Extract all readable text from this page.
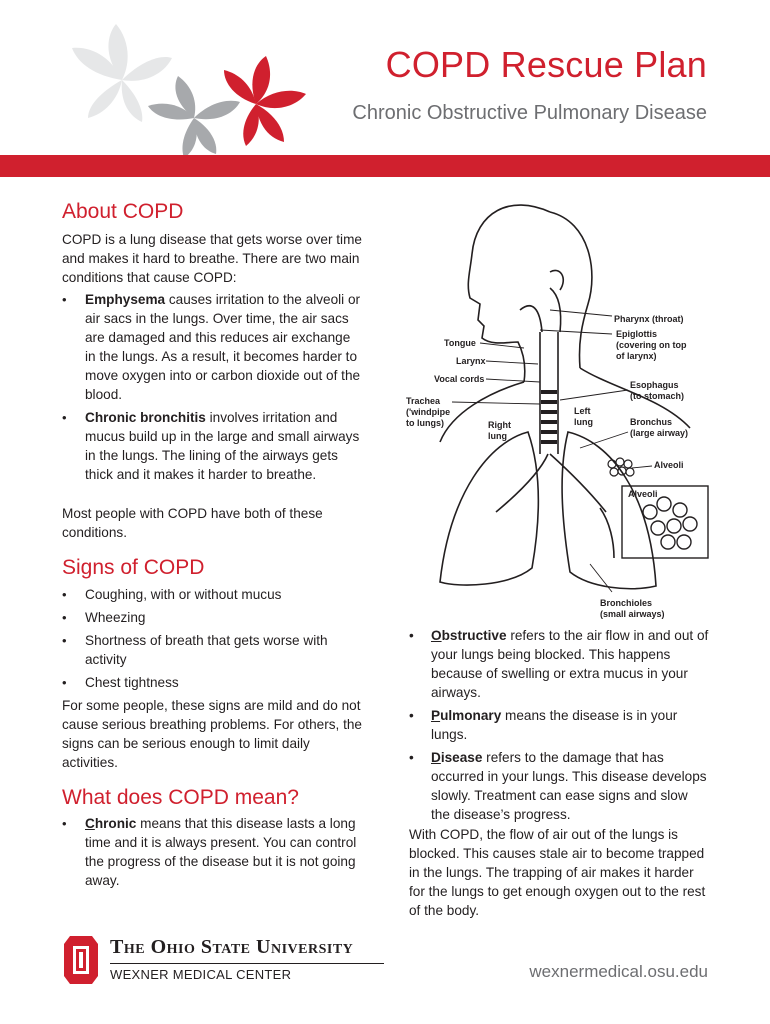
COPD Rescue Plan
Chronic Obstructive Pulmonary Disease
About COPD

COPD is a lung disease that gets worse over time and makes it hard to breathe. There are two main conditions that cause COPD:

• Emphysema causes irritation to the alveoli or air sacs in the lungs. Over time, the air sacs are damaged and this reduces air exchange in the lungs. As a result, it becomes harder to move oxygen into or carbon dioxide out of the blood.
• Chronic bronchitis involves irritation and mucus build up in the large and small airways in the lungs. The lining of the airways gets thick and it makes it harder to breathe.

Most people with COPD have both of these conditions.

Signs of COPD
• Coughing, with or without mucus
• Wheezing
• Shortness of breath that gets worse with activity
• Chest tightness

For some people, these signs are mild and do not cause serious breathing problems. For others, the signs can be serious enough to limit daily activities.

What does COPD mean?
• Chronic means that this disease lasts a long time and it is always present. You can control the progress of the disease but it is not going away.
• Obstructive refers to the air flow in and out of your lungs being blocked. This happens because of swelling or extra mucus in your airways.
• Pulmonary means the disease is in your lungs.
• Disease refers to the damage that has occurred in your lungs. This disease develops slowly. Treatment can ease signs and slow the disease’s progress.

With COPD, the flow of air out of the lungs is blocked. This causes stale air to become trapped in the lungs. The trapping of air makes it harder for the lungs to get enough oxygen out to the rest of the body.

Pharynx (throat)
Epiglottis
(covering on top
of larynx)
Tongue
Larynx
Vocal cords
Esophagus
(to stomach)
Trachea
('windpipe
to lungs)
Left
lung
Right
lung
Bronchus
(large airway)
Alveoli
Alveoli
Bronchioles
(small airways)
The Ohio State University
WEXNER MEDICAL CENTER	wexnermedical.osu.edu
